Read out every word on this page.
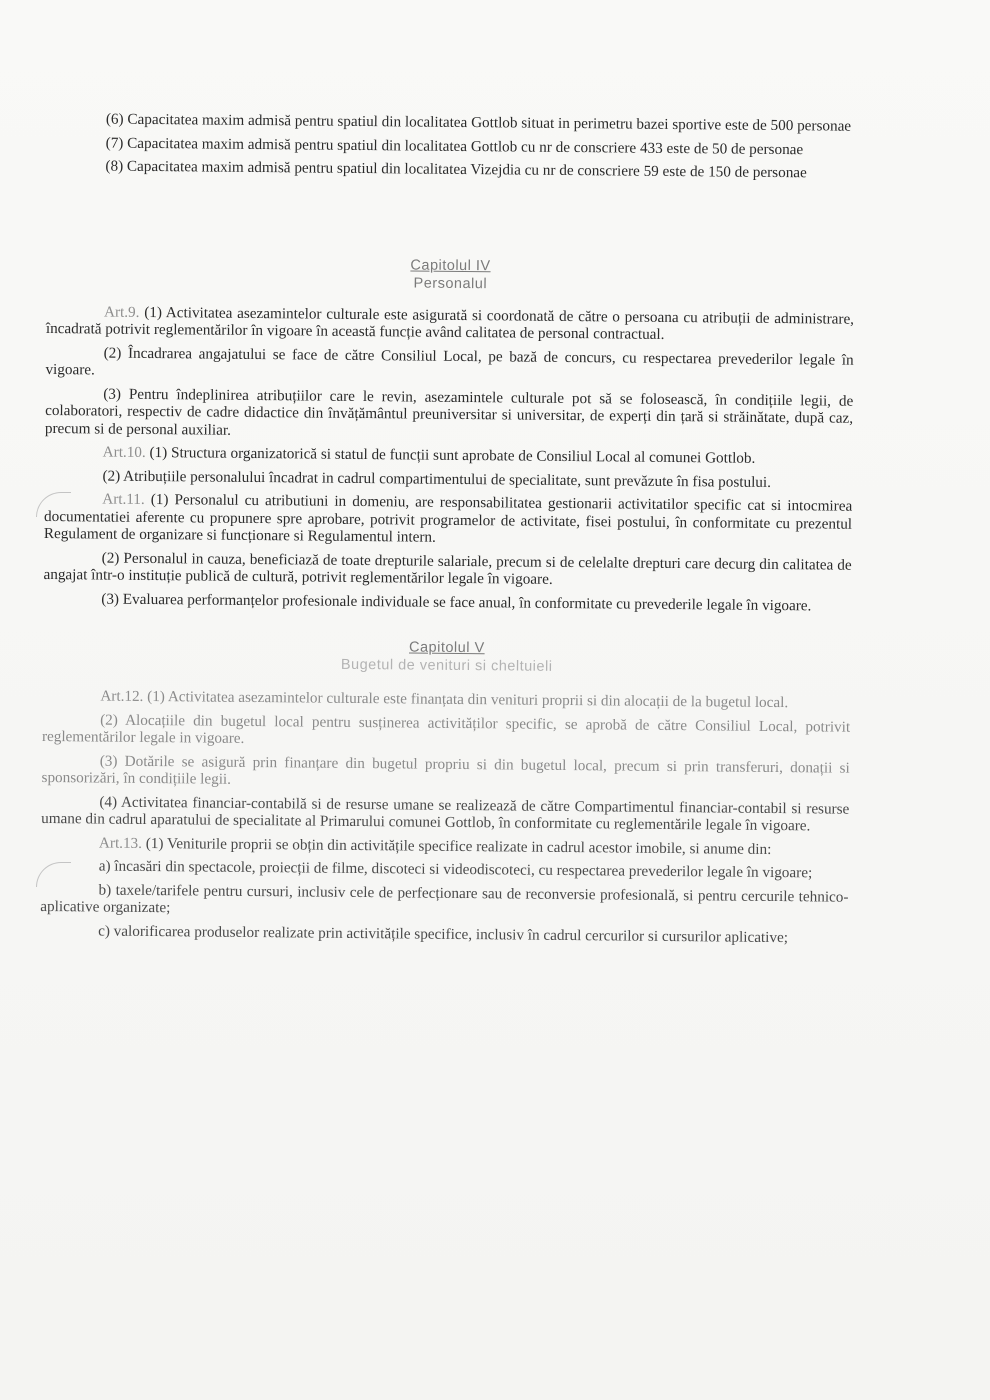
(6) Capacitatea maxim admisă pentru spatiul din localitatea Gottlob situat in perimetru bazei sportive este de 500 personae

(7) Capacitatea maxim admisă pentru spatiul din localitatea Gottlob cu nr de conscriere 433 este de 50 de personae

(8) Capacitatea maxim admisă pentru spatiul din localitatea Vizejdia cu nr de conscriere 59 este de 150 de personae

Capitolul IV
Personalul

Art.9. (1) Activitatea asezamintelor culturale este asigurată si coordonată de către o persoana cu atribuții de administrare, încadrată potrivit reglementărilor în vigoare în această funcție având calitatea de personal contractual.

(2) Încadrarea angajatului se face de către Consiliul Local, pe bază de concurs, cu respectarea prevederilor legale în vigoare.

(3) Pentru îndeplinirea atribuțiilor care le revin, asezamintele culturale pot să se folosească, în condițiile legii, de colaboratori, respectiv de cadre didactice din învățământul preuniversitar si universitar, de experți din țară si străinătate, după caz, precum si de personal auxiliar.

Art.10. (1) Structura organizatorică si statul de funcții sunt aprobate de Consiliul Local al comunei Gottlob.

(2) Atribuțiile personalului încadrat in cadrul compartimentului de specialitate, sunt prevăzute în fisa postului.

Art.11. (1) Personalul cu atributiuni in domeniu, are responsabilitatea gestionarii activitatilor specific cat si intocmirea documentatiei aferente cu propunere spre aprobare, potrivit programelor de activitate, fisei postului, în conformitate cu prezentul Regulament de organizare si funcționare si Regulamentul intern.

(2) Personalul in cauza, beneficiază de toate drepturile salariale, precum si de celelalte drepturi care decurg din calitatea de angajat într-o instituție publică de cultură, potrivit reglementărilor legale în vigoare.

(3) Evaluarea performanțelor profesionale individuale se face anual, în conformitate cu prevederile legale în vigoare.

Capitolul V
Bugetul de venituri si cheltuieli

Art.12. (1) Activitatea asezamintelor culturale este finanțata din venituri proprii si din alocații de la bugetul local.

(2) Alocațiile din bugetul local pentru susținerea activităților specific, se aprobă de către Consiliul Local, potrivit reglementărilor legale in vigoare.

(3) Dotările se asigură prin finanțare din bugetul propriu si din bugetul local, precum si prin transferuri, donații si sponsorizări, în condițiile legii.

(4) Activitatea financiar-contabilă si de resurse umane se realizează de către Compartimentul financiar-contabil si resurse umane din cadrul aparatului de specialitate al Primarului comunei Gottlob, în conformitate cu reglementările legale în vigoare.

Art.13. (1) Veniturile proprii se obțin din activitățile specifice realizate in cadrul acestor imobile, si anume din:

a) încasări din spectacole, proiecții de filme, discoteci si videodiscoteci, cu respectarea prevederilor legale în vigoare;

b) taxele/tarifele pentru cursuri, inclusiv cele de perfecționare sau de reconversie profesională, si pentru cercurile tehnico-aplicative organizate;

c) valorificarea produselor realizate prin activitățile specifice, inclusiv în cadrul cercurilor si cursurilor aplicative;
